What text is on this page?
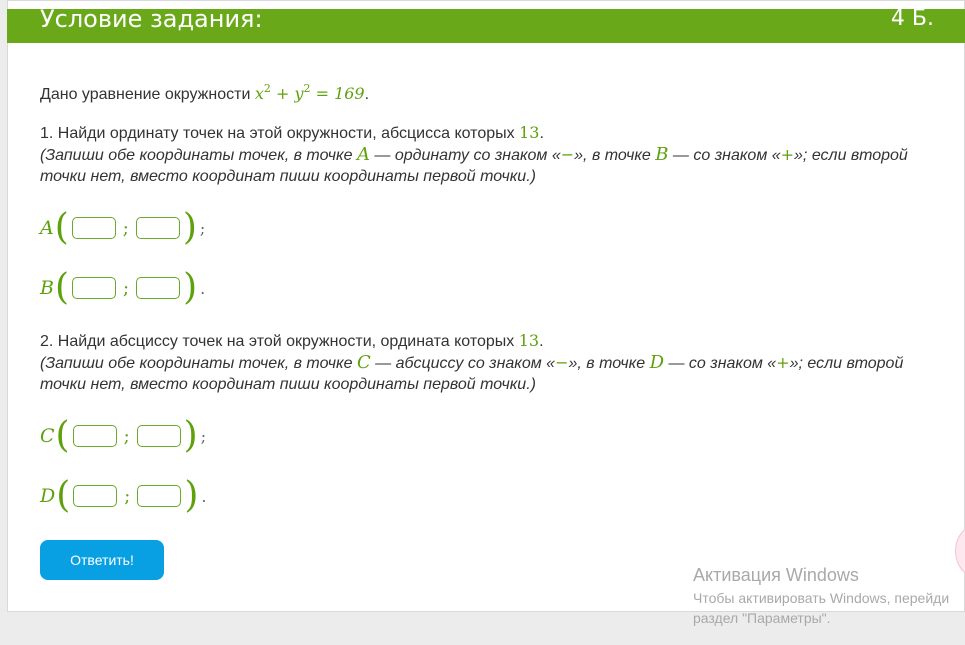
Условие задания:	4 Б.
Дано уравнение окружности $x^2 + y^2 = 169$.
1. Найди ординату точек на этой окружности, абсцисса которых 13.
(Запиши обе координаты точек, в точке A — ординату со знаком «−», в точке B — со знаком «+»; если второй
точки нет, вместо координат пиши координаты первой точки.)
A (	; ) ;
B (	; ) .
2. Найди абсциссу точек на этой окружности, ордината которых 13.
(Запиши обе координаты точек, в точке C — абсциссу со знаком «−», в точке D — со знаком «+»; если второй
точки нет, вместо координат пиши координаты первой точки.)
C (	; ) ;
D (	; ) .
Ответить!
Активация Windows
Чтобы активировать Windows, перейди
раздел "Параметры".
